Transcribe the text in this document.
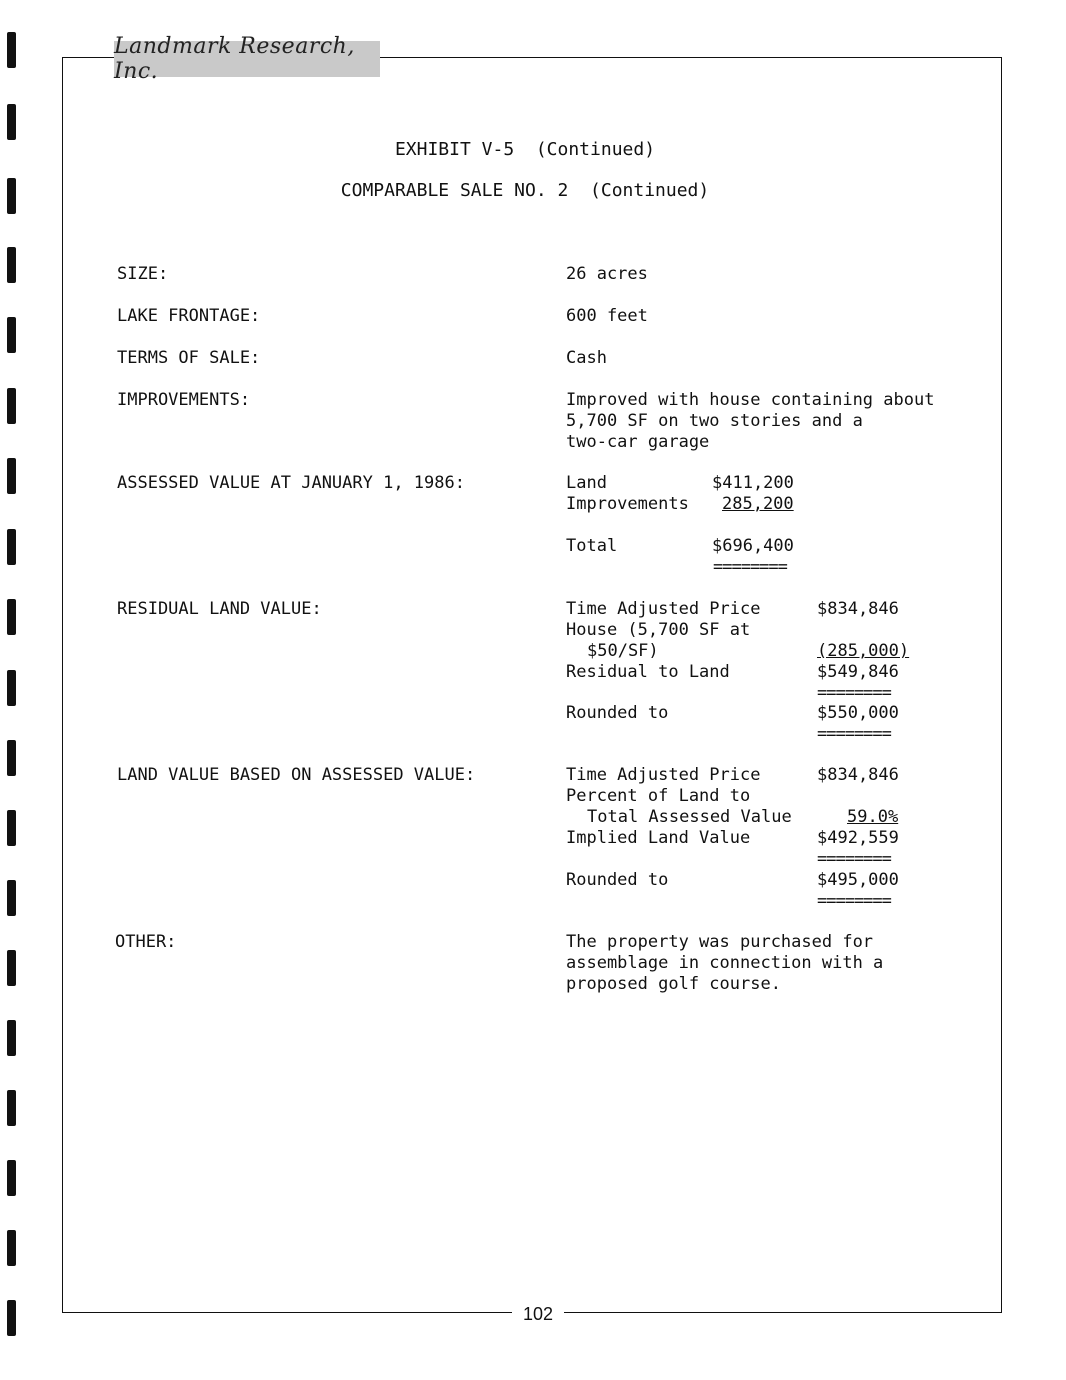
Landmark Research, Inc.
EXHIBIT V-5  (Continued)
COMPARABLE SALE NO. 2  (Continued)
SIZE:	26 acres
LAKE FRONTAGE:	600 feet
TERMS OF SALE:	Cash
IMPROVEMENTS:	Improved with house containing about
5,700 SF on two stories and a
two-car garage
ASSESSED VALUE AT JANUARY 1, 1986:	Land	$411,200
Improvements 285,200
Total	$696,400
========
RESIDUAL LAND VALUE:	Time Adjusted Price	$834,846
House (5,700 SF at
$50/SF)	(285,000)
Residual to Land	$549,846
========
Rounded to	$550,000
========
LAND VALUE BASED ON ASSESSED VALUE:	Time Adjusted Price	$834,846
Percent of Land to
Total Assessed Value	59.0%
Implied Land Value	$492,559
========
Rounded to	$495,000
========
OTHER:	The property was purchased for
assemblage in connection with a
proposed golf course.
102
